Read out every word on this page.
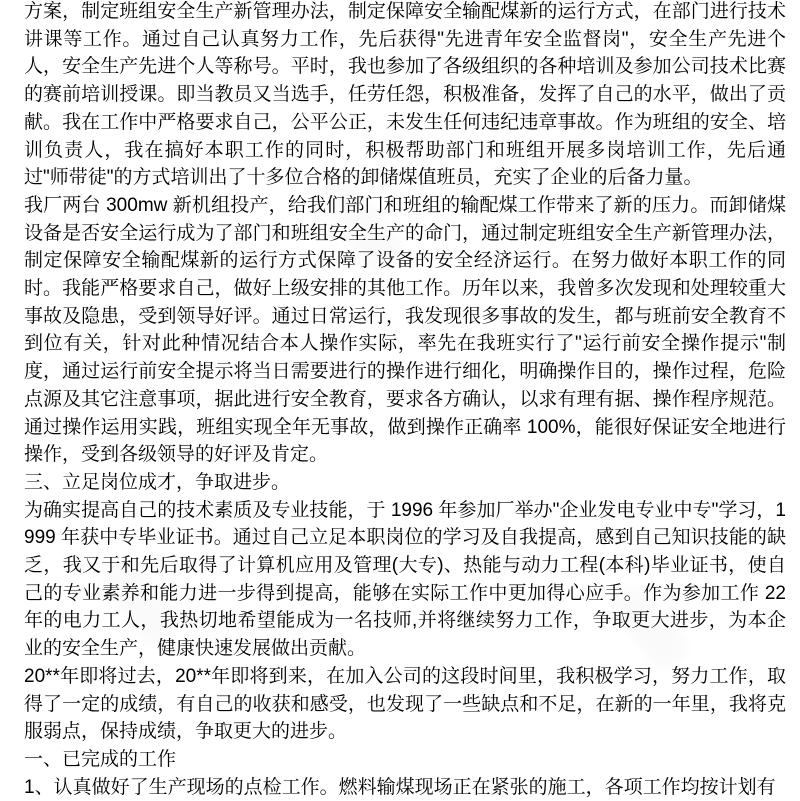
方案，制定班组安全生产新管理办法，制定保障安全输配煤新的运行方式，在部门进行技术讲课等工作。通过自己认真努力工作，先后获得"先进青年安全监督岗"，安全生产先进个人，安全生产先进个人等称号。平时，我也参加了各级组织的各种培训及参加公司技术比赛的赛前培训授课。即当教员又当选手，任劳任怨，积极准备，发挥了自己的水平，做出了贡献。我在工作中严格要求自己，公平公正，未发生任何违纪违章事故。作为班组的安全、培训负责人，我在搞好本职工作的同时，积极帮助部门和班组开展多岗培训工作，先后通过"师带徒"的方式培训出了十多位合格的卸储煤值班员，充实了企业的后备力量。

我厂两台 300mw 新机组投产，给我们部门和班组的输配煤工作带来了新的压力。而卸储煤设备是否安全运行成为了部门和班组安全生产的命门，通过制定班组安全生产新管理办法，制定保障安全输配煤新的运行方式保障了设备的安全经济运行。在努力做好本职工作的同时。我能严格要求自己，做好上级安排的其他工作。历年以来，我曾多次发现和处理较重大事故及隐患，受到领导好评。通过日常运行，我发现很多事故的发生，都与班前安全教育不到位有关，针对此种情况结合本人操作实际，率先在我班实行了"运行前安全操作提示"制度，通过运行前安全提示将当日需要进行的操作进行细化，明确操作目的，操作过程，危险点源及其它注意事项，据此进行安全教育，要求各方确认，以求有理有据、操作程序规范。通过操作运用实践，班组实现全年无事故，做到操作正确率 100%，能很好保证安全地进行操作，受到各级领导的好评及肯定。

三、立足岗位成才，争取进步。

为确实提高自己的技术素质及专业技能，于 1996 年参加厂举办"企业发电专业中专"学习，1999 年获中专毕业证书。通过自己立足本职岗位的学习及自我提高，感到自己知识技能的缺乏，我又于和先后取得了计算机应用及管理(大专)、热能与动力工程(本科)毕业证书，使自己的专业素养和能力进一步得到提高，能够在实际工作中更加得心应手。作为参加工作 22年的电力工人，我热切地希望能成为一名技师,并将继续努力工作，争取更大进步，为本企业的安全生产，健康快速发展做出贡献。

20**年即将过去，20**年即将到来，在加入公司的这段时间里，我积极学习，努力工作，取得了一定的成绩，有自己的收获和感受，也发现了一些缺点和不足，在新的一年里，我将克服弱点，保持成绩，争取更大的进步。

一、已完成的工作

1、认真做好了生产现场的点检工作。燃料输煤现场正在紧张的施工，各项工作均按计划有
